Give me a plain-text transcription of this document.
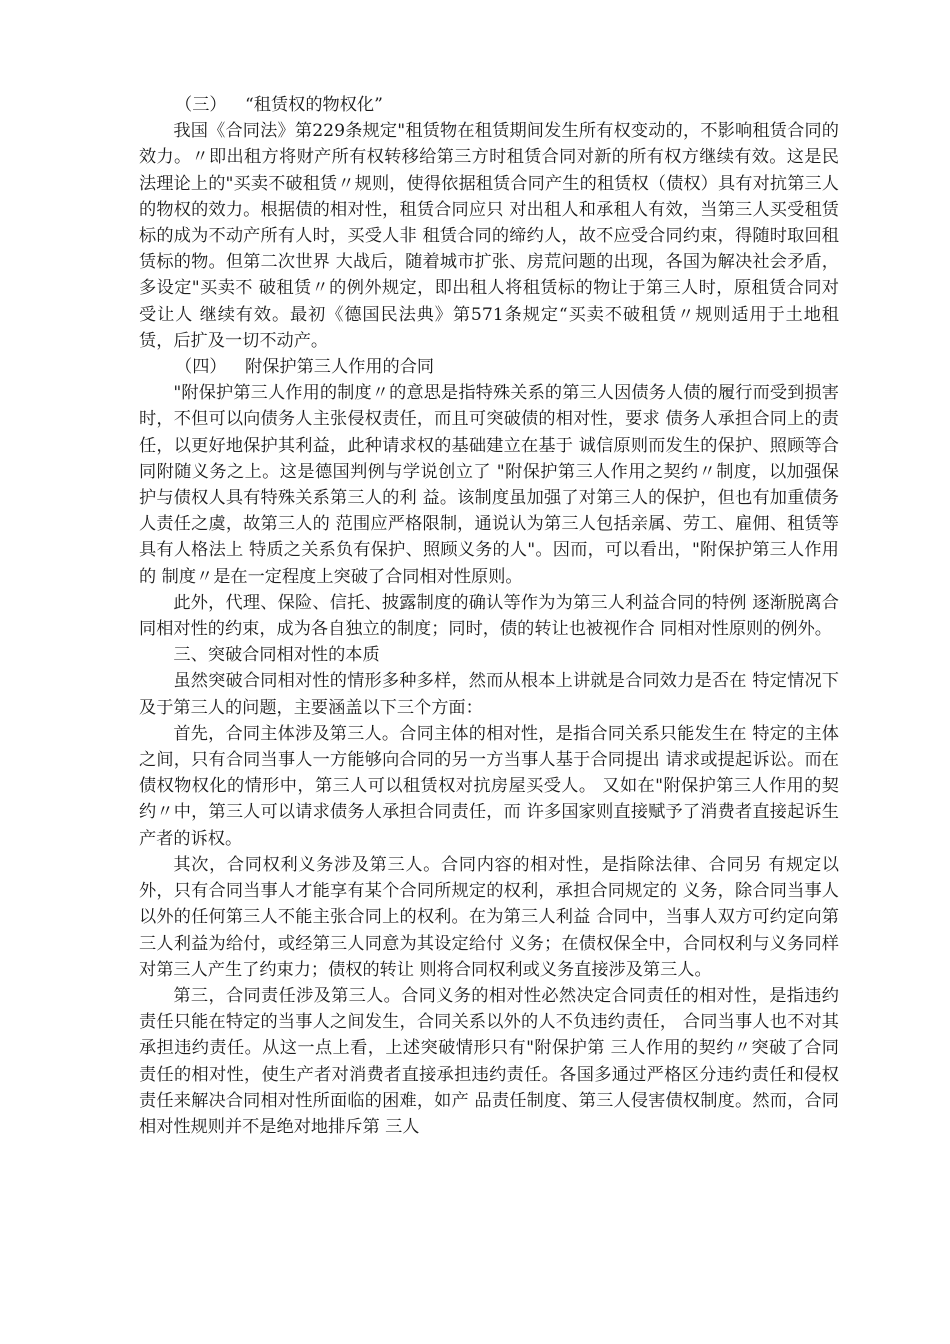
（三） “租赁权的物权化”

我国《合同法》第229条规定"租赁物在租赁期间发生所有权变动的，不影响租赁合同的效力。〃即出租方将财产所有权转移给第三方时租赁合同对新的所有权方继续有效。这是民法理论上的"买卖不破租赁〃规则，使得依据租赁合同产生的租赁权（债权）具有对抗第三人的物权的效力。根据债的相对性，租赁合同应只 对出租人和承租人有效，当第三人买受租赁标的成为不动产所有人时，买受人非 租赁合同的缔约人，故不应受合同约束，得随时取回租赁标的物。但第二次世界 大战后，随着城市扩张、房荒问题的出现，各国为解决社会矛盾，多设定"买卖不 破租赁〃的例外规定，即出租人将租赁标的物让于第三人时，原租赁合同对受让人 继续有效。最初《德国民法典》第571条规定“买卖不破租赁〃规则适用于土地租赁，后扩及一切不动产。

（四） 附保护第三人作用的合同

"附保护第三人作用的制度〃的意思是指特殊关系的第三人因债务人债的履行而受到损害时，不但可以向债务人主张侵权责任，而且可突破债的相对性，要求 债务人承担合同上的责任，以更好地保护其利益，此种请求权的基础建立在基于 诚信原则而发生的保护、照顾等合同附随义务之上。这是德国判例与学说创立了 "附保护第三人作用之契约〃制度，以加强保护与债权人具有特殊关系第三人的利 益。该制度虽加强了对第三人的保护，但也有加重债务人责任之虞，故第三人的 范围应严格限制，通说认为第三人包括亲属、劳工、雇佣、租赁等具有人格法上 特质之关系负有保护、照顾义务的人"。因而，可以看出，"附保护第三人作用的 制度〃是在一定程度上突破了合同相对性原则。

此外，代理、保险、信托、披露制度的确认等作为为第三人利益合同的特例 逐渐脱离合同相对性的约束，成为各自独立的制度；同时，债的转让也被视作合 同相对性原则的例外。

三、突破合同相对性的本质

虽然突破合同相对性的情形多种多样，然而从根本上讲就是合同效力是否在 特定情况下及于第三人的问题，主要涵盖以下三个方面：

首先，合同主体涉及第三人。合同主体的相对性，是指合同关系只能发生在 特定的主体之间，只有合同当事人一方能够向合同的另一方当事人基于合同提出 请求或提起诉讼。而在债权物权化的情形中，第三人可以租赁权对抗房屋买受人。 又如在"附保护第三人作用的契约〃中，第三人可以请求债务人承担合同责任，而 许多国家则直接赋予了消费者直接起诉生产者的诉权。

其次，合同权利义务涉及第三人。合同内容的相对性，是指除法律、合同另 有规定以外，只有合同当事人才能享有某个合同所规定的权利，承担合同规定的 义务，除合同当事人以外的任何第三人不能主张合同上的权利。在为第三人利益 合同中，当事人双方可约定向第三人利益为给付，或经第三人同意为其设定给付 义务；在债权保全中，合同权利与义务同样对第三人产生了约束力；债权的转让 则将合同权利或义务直接涉及第三人。

第三，合同责任涉及第三人。合同义务的相对性必然决定合同责任的相对性，是指违约责任只能在特定的当事人之间发生，合同关系以外的人不负违约责任， 合同当事人也不对其承担违约责任。从这一点上看，上述突破情形只有"附保护第 三人作用的契约〃突破了合同责任的相对性，使生产者对消费者直接承担违约责任。各国多通过严格区分违约责任和侵权责任来解决合同相对性所面临的困难，如产 品责任制度、第三人侵害债权制度。然而，合同相对性规则并不是绝对地排斥第 三人
